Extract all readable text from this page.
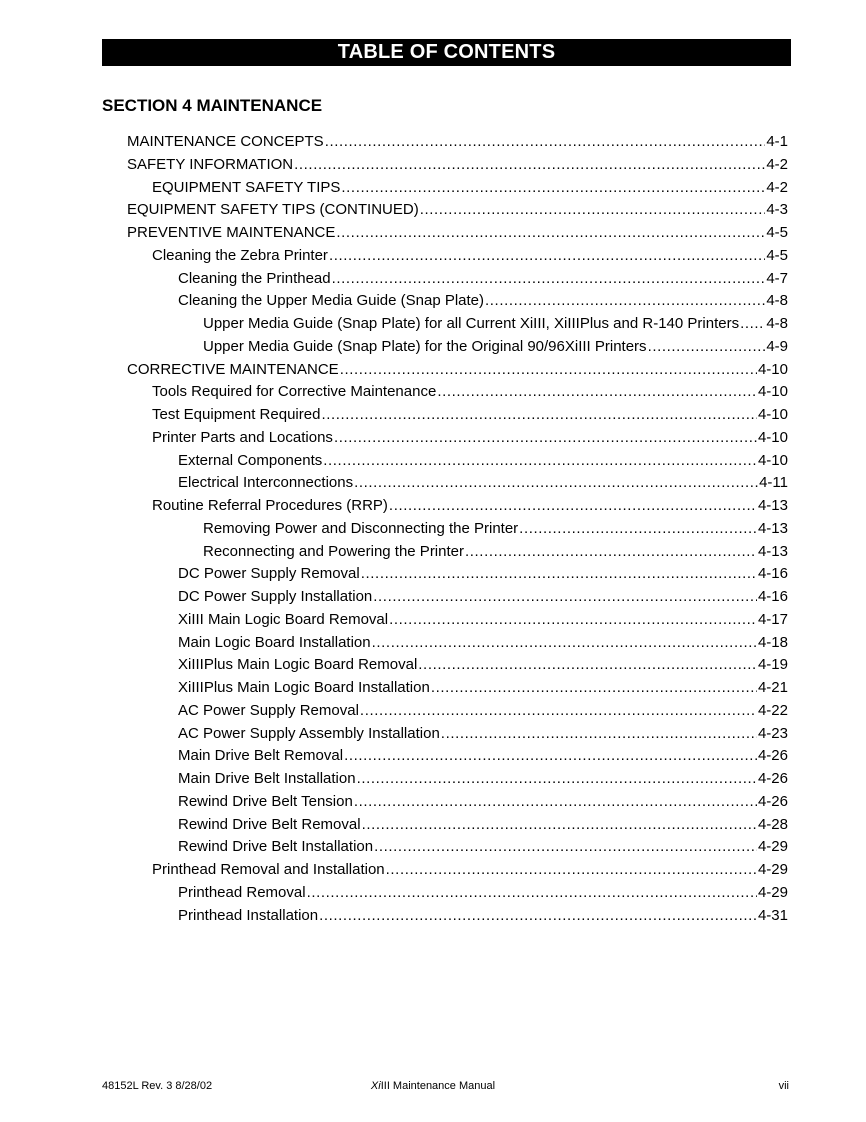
TABLE OF CONTENTS
SECTION 4 MAINTENANCE
MAINTENANCE CONCEPTS .....	4-1
SAFETY INFORMATION .....	4-2
EQUIPMENT SAFETY TIPS .....	4-2
EQUIPMENT SAFETY TIPS (CONTINUED) .....	4-3
PREVENTIVE MAINTENANCE .....	4-5
Cleaning the Zebra Printer .....	4-5
Cleaning the Printhead .....	4-7
Cleaning the Upper Media Guide (Snap Plate) .....	4-8
Upper Media Guide (Snap Plate) for all Current XiIII, XiIIIPlus and R-140 Printers ..... 4-8
Upper Media Guide (Snap Plate) for the Original 90/96XiIII Printers .....	4-9
CORRECTIVE MAINTENANCE .....	4-10
Tools Required for Corrective Maintenance .....	4-10
Test Equipment Required .....	4-10
Printer Parts and Locations .....	4-10
External Components .....	4-10
Electrical Interconnections .....	4-11
Routine Referral Procedures (RRP) .....	4-13
Removing Power and Disconnecting the Printer .....	4-13
Reconnecting and Powering the Printer .....	4-13
DC Power Supply Removal .....	4-16
DC Power Supply Installation .....	4-16
XiIII Main Logic Board Removal .....	4-17
Main Logic Board Installation .....	4-18
XiIIIPlus Main Logic Board Removal .....	4-19
XiIIIPlus Main Logic Board Installation .....	4-21
AC Power Supply Removal .....	4-22
AC Power Supply Assembly Installation .....	4-23
Main Drive Belt Removal .....	4-26
Main Drive Belt Installation .....	4-26
Rewind Drive Belt Tension .....	4-26
Rewind Drive Belt Removal .....	4-28
Rewind Drive Belt Installation .....	4-29
Printhead Removal and Installation .....	4-29
Printhead Removal .....	4-29
Printhead Installation .....	4-31
48152L Rev. 3 8/28/02	XiIII Maintenance Manual	vii
